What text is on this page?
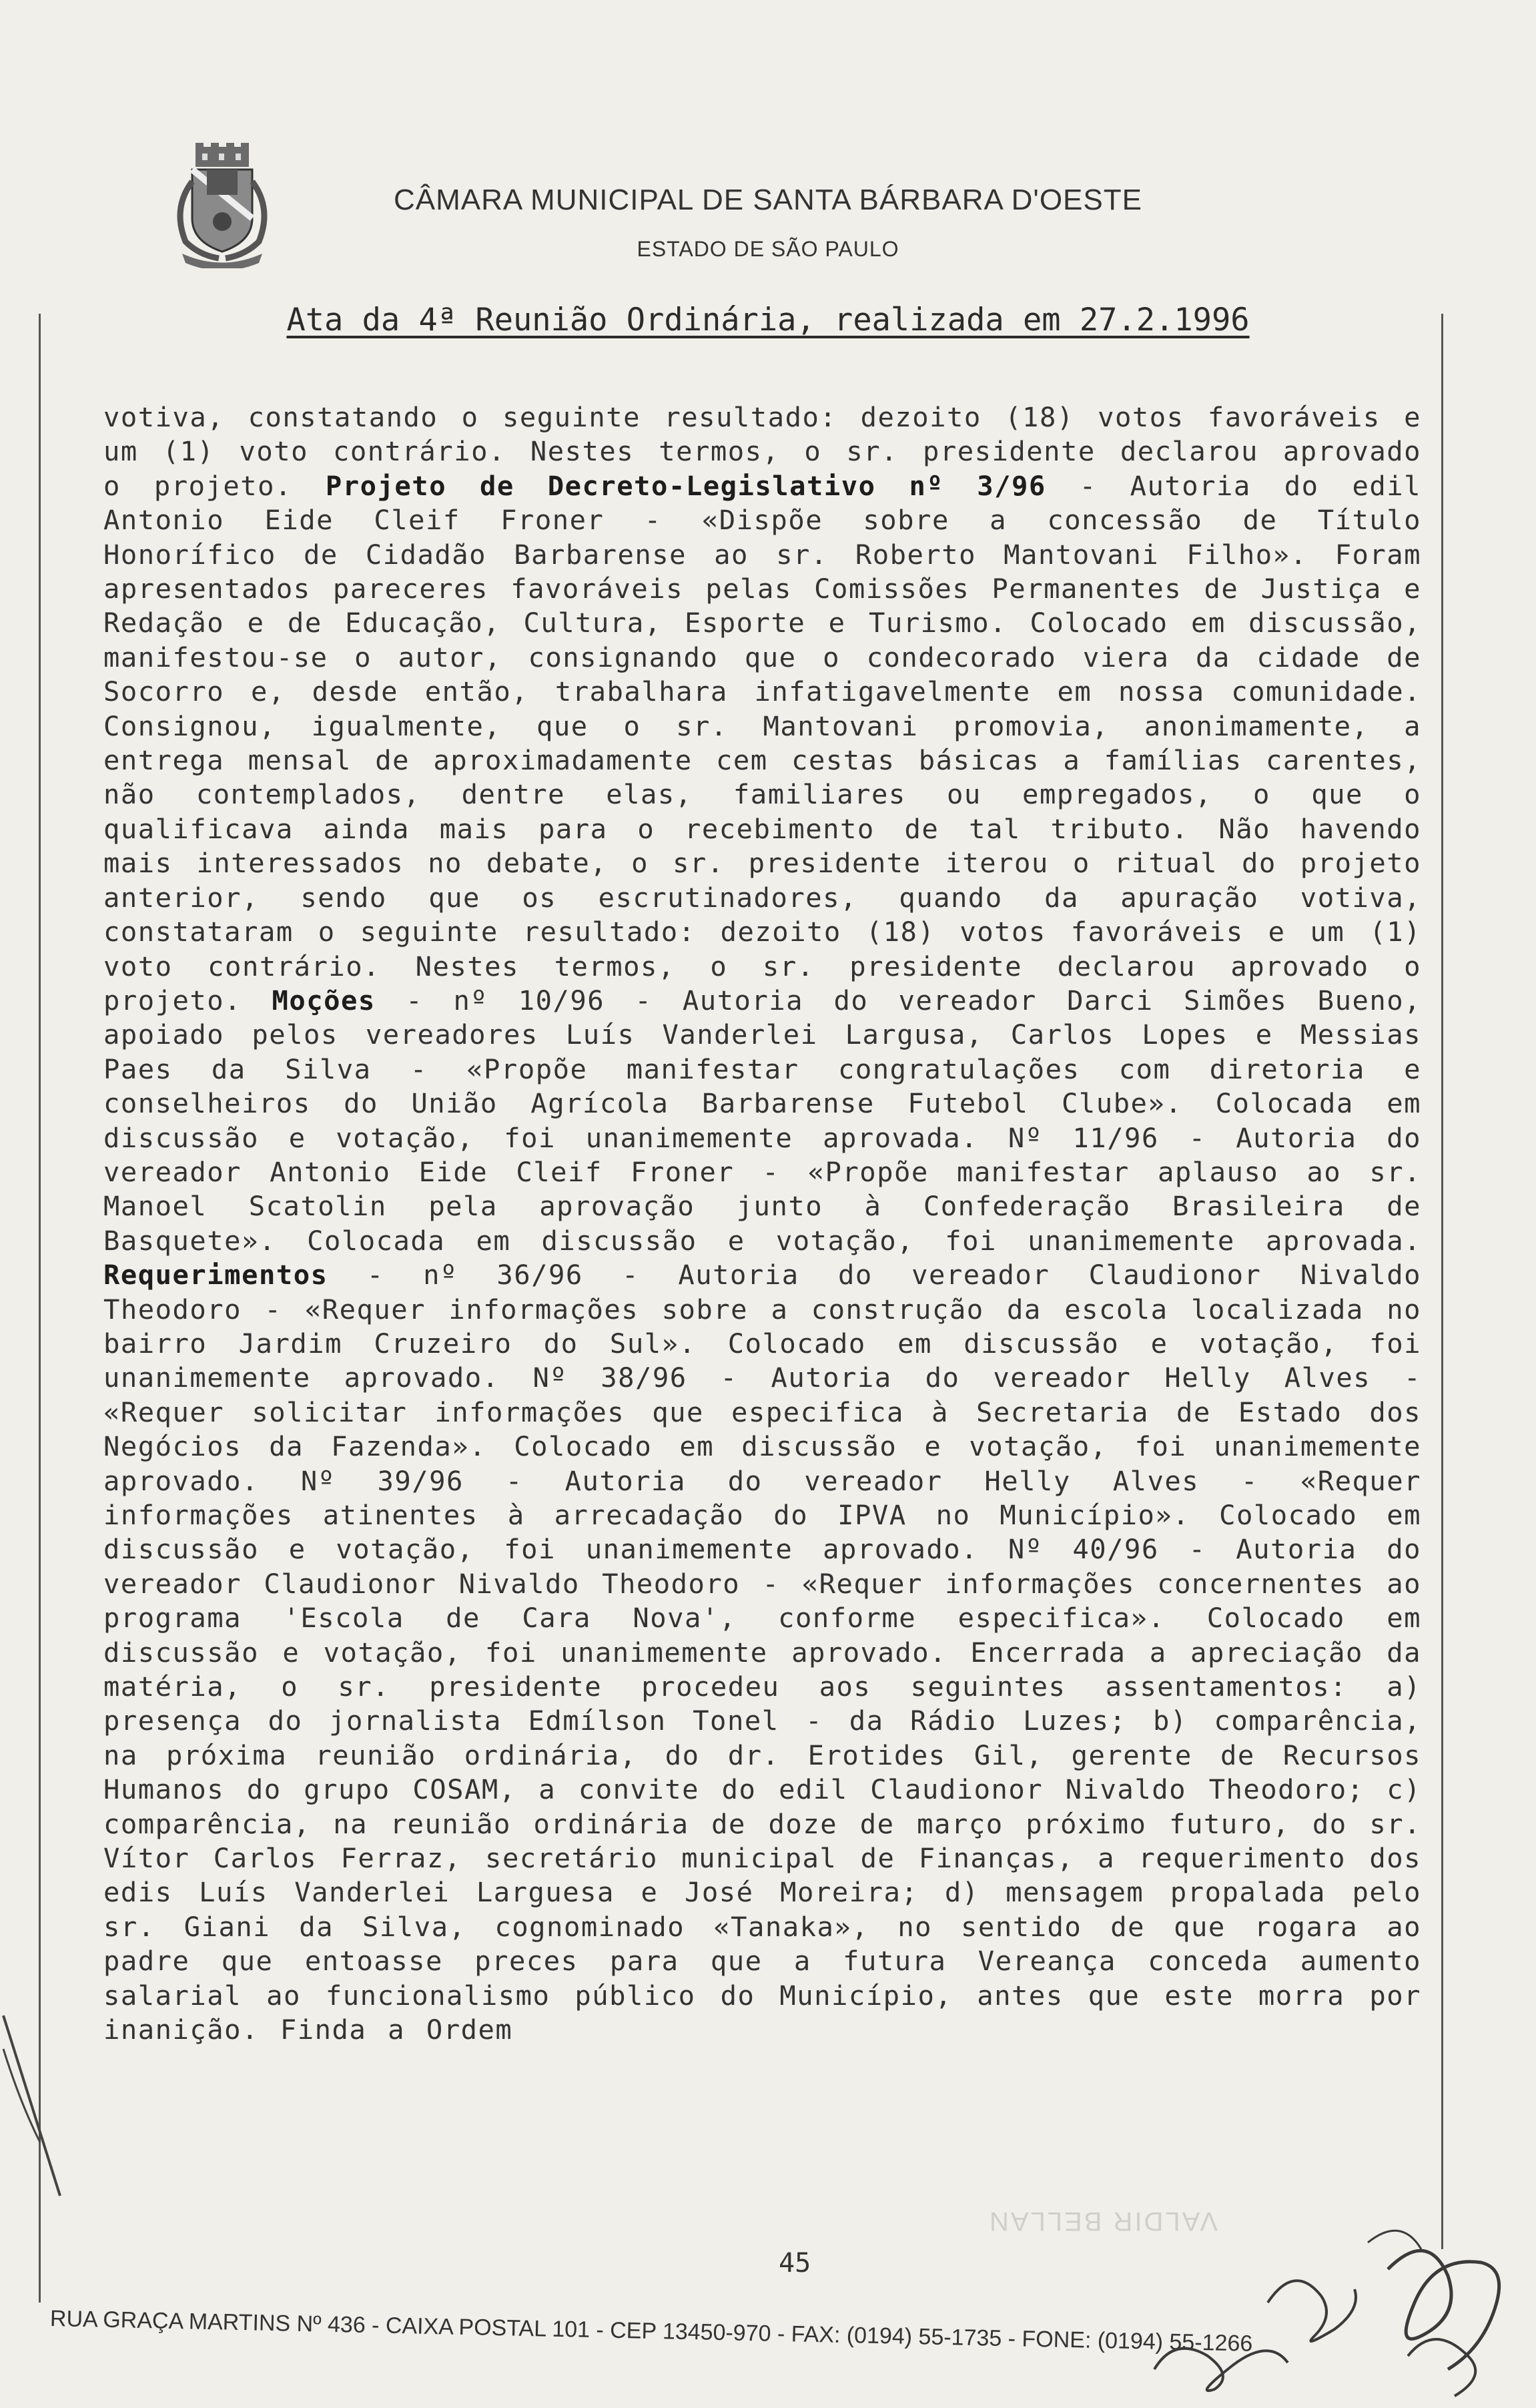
CÂMARA MUNICIPAL DE SANTA BÁRBARA D'OESTE
ESTADO DE SÃO PAULO
Ata da 4ª Reunião Ordinária, realizada em 27.2.1996
votiva, constatando o seguinte resultado: dezoito (18) votos favoráveis e um (1) voto contrário. Nestes termos, o sr. presidente declarou aprovado o projeto. Projeto de Decreto-Legislativo nº 3/96 - Autoria do edil Antonio Eide Cleif Froner - «Dispõe sobre a concessão de Título Honorífico de Cidadão Barbarense ao sr. Roberto Mantovani Filho». Foram apresentados pareceres favoráveis pelas Comissões Permanentes de Justiça e Redação e de Educação, Cultura, Esporte e Turismo. Colocado em discussão, manifestou-se o autor, consignando que o condecorado viera da cidade de Socorro e, desde então, trabalhara infatigavelmente em nossa comunidade. Consignou, igualmente, que o sr. Mantovani promovia, anonimamente, a entrega mensal de aproximadamente cem cestas básicas a famílias carentes, não contemplados, dentre elas, familiares ou empregados, o que o qualificava ainda mais para o recebimento de tal tributo. Não havendo mais interessados no debate, o sr. presidente iterou o ritual do projeto anterior, sendo que os escrutinadores, quando da apuração votiva, constataram o seguinte resultado: dezoito (18) votos favoráveis e um (1) voto contrário. Nestes termos, o sr. presidente declarou aprovado o projeto. Moções - nº 10/96 - Autoria do vereador Darci Simões Bueno, apoiado pelos vereadores Luís Vanderlei Largusa, Carlos Lopes e Messias Paes da Silva - «Propõe manifestar congratulações com diretoria e conselheiros do União Agrícola Barbarense Futebol Clube». Colocada em discussão e votação, foi unanimemente aprovada. Nº 11/96 - Autoria do vereador Antonio Eide Cleif Froner - «Propõe manifestar aplauso ao sr. Manoel Scatolin pela aprovação junto à Confederação Brasileira de Basquete». Colocada em discussão e votação, foi unanimemente aprovada. Requerimentos - nº 36/96 - Autoria do vereador Claudionor Nivaldo Theodoro - «Requer informações sobre a construção da escola localizada no bairro Jardim Cruzeiro do Sul». Colocado em discussão e votação, foi unanimemente aprovado. Nº 38/96 - Autoria do vereador Helly Alves - «Requer solicitar informações que especifica à Secretaria de Estado dos Negócios da Fazenda». Colocado em discussão e votação, foi unanimemente aprovado. Nº 39/96 - Autoria do vereador Helly Alves - «Requer informações atinentes à arrecadação do IPVA no Município». Colocado em discussão e votação, foi unanimemente aprovado. Nº 40/96 - Autoria do vereador Claudionor Nivaldo Theodoro - «Requer informações concernentes ao programa 'Escola de Cara Nova', conforme especifica». Colocado em discussão e votação, foi unanimemente aprovado. Encerrada a apreciação da matéria, o sr. presidente procedeu aos seguintes assentamentos: a) presença do jornalista Edmílson Tonel - da Rádio Luzes; b) comparência, na próxima reunião ordinária, do dr. Erotides Gil, gerente de Recursos Humanos do grupo COSAM, a convite do edil Claudionor Nivaldo Theodoro; c) comparência, na reunião ordinária de doze de março próximo futuro, do sr. Vítor Carlos Ferraz, secretário municipal de Finanças, a requerimento dos edis Luís Vanderlei Larguesa e José Moreira; d) mensagem propalada pelo sr. Giani da Silva, cognominado «Tanaka», no sentido de que rogara ao padre que entoasse preces para que a futura Vereança conceda aumento salarial ao funcionalismo público do Município, antes que este morra por inanição. Finda a Ordem
VALDIR BELLAN
45
RUA GRAÇA MARTINS Nº 436 - CAIXA POSTAL 101 - CEP 13450-970 - FAX: (0194) 55-1735 - FONE: (0194) 55-1266
